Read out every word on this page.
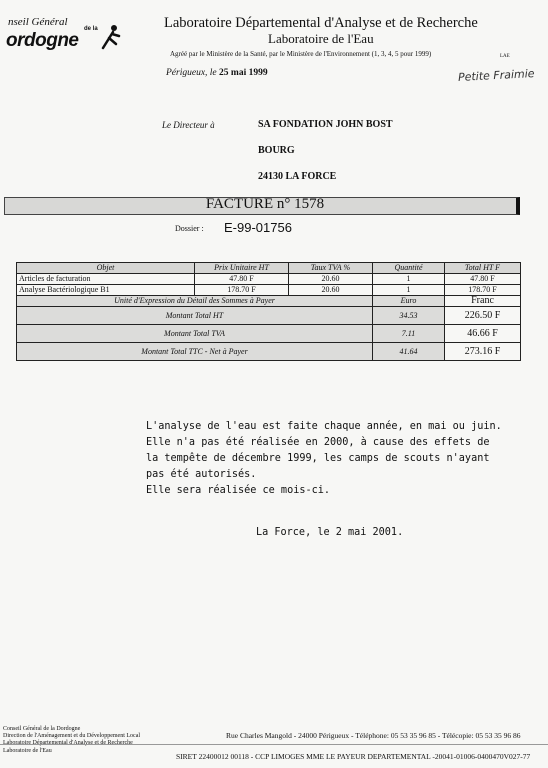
nseil Général
de la
ordogne
Laboratoire Départemental d'Analyse et de Recherche
Laboratoire de l'Eau
Agréé par le Ministère de la Santé, par le Ministère de l'Environnement (1, 3, 4, 5 pour 1999)	LAE
Périgueux, le 25 mai 1999	Petite Fraimie
Le Directeur à	SA FONDATION JOHN BOST
BOURG
24130 LA FORCE
FACTURE n° 1578
Dossier : E-99-01756
Objet	Prix Unitaire HT	Taux TVA %	Quantité	Total HT F
Articles de facturation	47.80 F	20.60	1	47.80 F
Analyse Bactériologique B1	178.70 F	20.60	1	178.70 F
Unité d'Expression du Détail des Sommes à Payer			Euro	Franc
Montant Total HT			34.53	226.50 F
Montant Total TVA			7.11	46.66 F
Montant Total TTC - Net à Payer			41.64	273.16 F
L'analyse de l'eau est faite chaque année, en mai ou juin.
Elle n'a pas été réalisée en 2000, à cause des effets de
la tempête de décembre 1999, les camps de scouts n'ayant
pas été autorisés.
Elle sera réalisée ce mois-ci.
La Force, le 2 mai 2001.
Conseil Général de la Dordogne
Direction de l'Aménagement et du Développement Local
Laboratoire Départemental d'Analyse et de Recherche
Laboratoire de l'Eau
Rue Charles Mangold - 24000 Périgueux - Téléphone: 05 53 35 96 85 - Télécopie: 05 53 35 96 86
SIRET 22400012 00118 - CCP LIMOGES MME LE PAYEUR DEPARTEMENTAL -20041-01006-0400470V027-77
